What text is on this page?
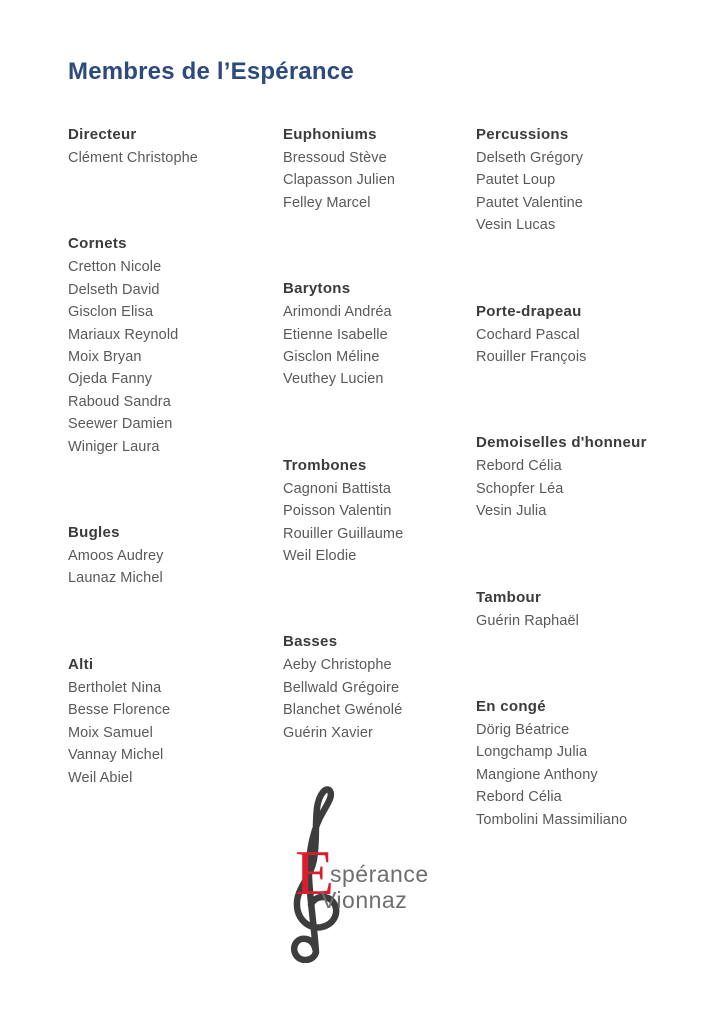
Membres de l’Espérance
Directeur

Clément Christophe

Cornets

Cretton Nicole

Delseth David

Gisclon Elisa

Mariaux Reynold

Moix Bryan

Ojeda Fanny

Raboud Sandra

Seewer Damien

Winiger Laura

Bugles

Amoos Audrey

Launaz Michel

Alti

Bertholet Nina

Besse Florence

Moix Samuel

Vannay Michel

Weil Abiel

Euphoniums

Bressoud Stève

Clapasson Julien

Felley Marcel

Barytons

Arimondi Andréa

Etienne Isabelle

Gisclon Méline

Veuthey Lucien

Trombones

Cagnoni Battista

Poisson Valentin

Rouiller Guillaume

Weil Elodie

Basses

Aeby Christophe

Bellwald Grégoire

Blanchet Gwénolé

Guérin Xavier

Percussions

Delseth Grégory

Pautet Loup

Pautet Valentine

Vesin Lucas

Porte-drapeau

Cochard Pascal

Rouiller François

Demoiselles d'honneur

Rebord Célia

Schopfer Léa

Vesin Julia

Tambour

Guérin Raphaël

En congé

Dörig Béatrice

Longchamp Julia

Mangione Anthony

Rebord Célia

Tombolini Massimiliano

E
spérance
Vionnaz
